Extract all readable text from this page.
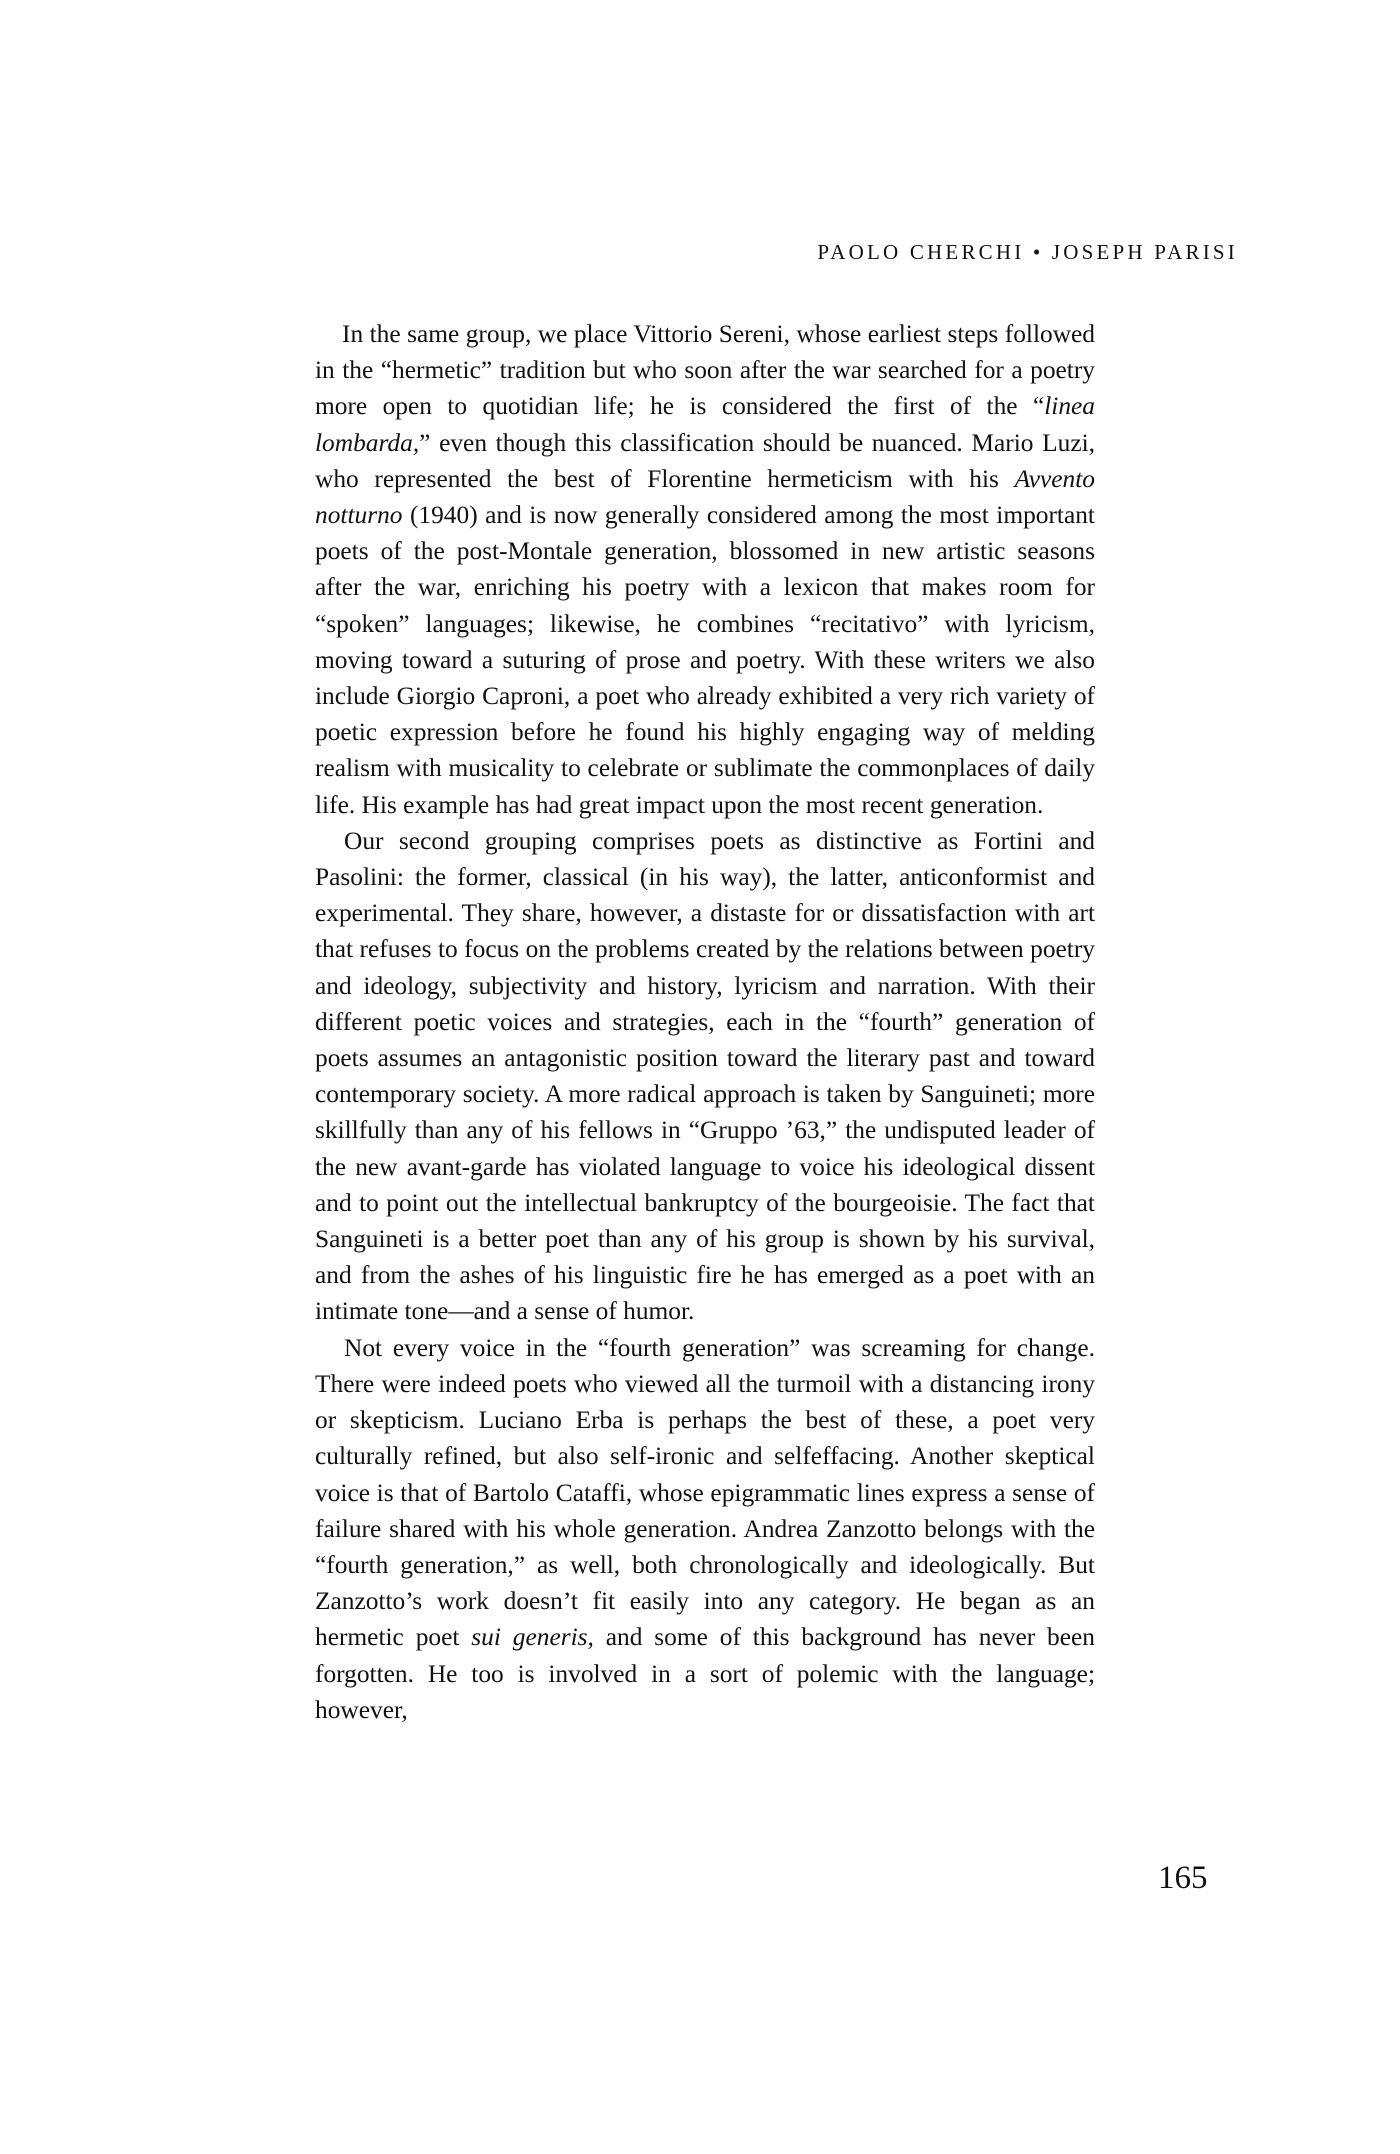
PAOLO CHERCHI • JOSEPH PARISI

In the same group, we place Vittorio Sereni, whose earliest steps followed in the “hermetic” tradition but who soon after the war searched for a poetry more open to quotidian life; he is considered the first of the “linea lombarda,” even though this classification should be nuanced. Mario Luzi, who represented the best of Florentine hermeticism with his Avvento notturno (1940) and is now generally considered among the most important poets of the post-Montale generation, blossomed in new artistic seasons after the war, enriching his poetry with a lexicon that makes room for “spoken” languages; likewise, he combines “recitativo” with lyricism, moving toward a suturing of prose and poetry. With these writers we also include Giorgio Caproni, a poet who already exhibited a very rich variety of poetic expression before he found his highly engaging way of melding realism with musicality to celebrate or sublimate the commonplaces of daily life. His example has had great impact upon the most recent generation.

Our second grouping comprises poets as distinctive as Fortini and Pasolini: the former, classical (in his way), the latter, anticonformist and experimental. They share, however, a distaste for or dissatisfaction with art that refuses to focus on the problems created by the relations between poetry and ideology, subjectivity and history, lyricism and narration. With their different poetic voices and strategies, each in the “fourth” generation of poets assumes an antagonistic position toward the literary past and toward contemporary society. A more radical approach is taken by Sanguineti; more skillfully than any of his fellows in “Gruppo ’63,” the undisputed leader of the new avant-garde has violated language to voice his ideological dissent and to point out the intellectual bankruptcy of the bourgeoisie. The fact that Sanguineti is a better poet than any of his group is shown by his survival, and from the ashes of his linguistic fire he has emerged as a poet with an intimate tone—and a sense of humor.

Not every voice in the “fourth generation” was screaming for change. There were indeed poets who viewed all the turmoil with a distancing irony or skepticism. Luciano Erba is perhaps the best of these, a poet very culturally refined, but also self-ironic and selfeffacing. Another skeptical voice is that of Bartolo Cataffi, whose epigrammatic lines express a sense of failure shared with his whole generation. Andrea Zanzotto belongs with the “fourth generation,” as well, both chronologically and ideologically. But Zanzotto’s work doesn’t fit easily into any category. He began as an hermetic poet sui generis, and some of this background has never been forgotten. He too is involved in a sort of polemic with the language; however,

165
